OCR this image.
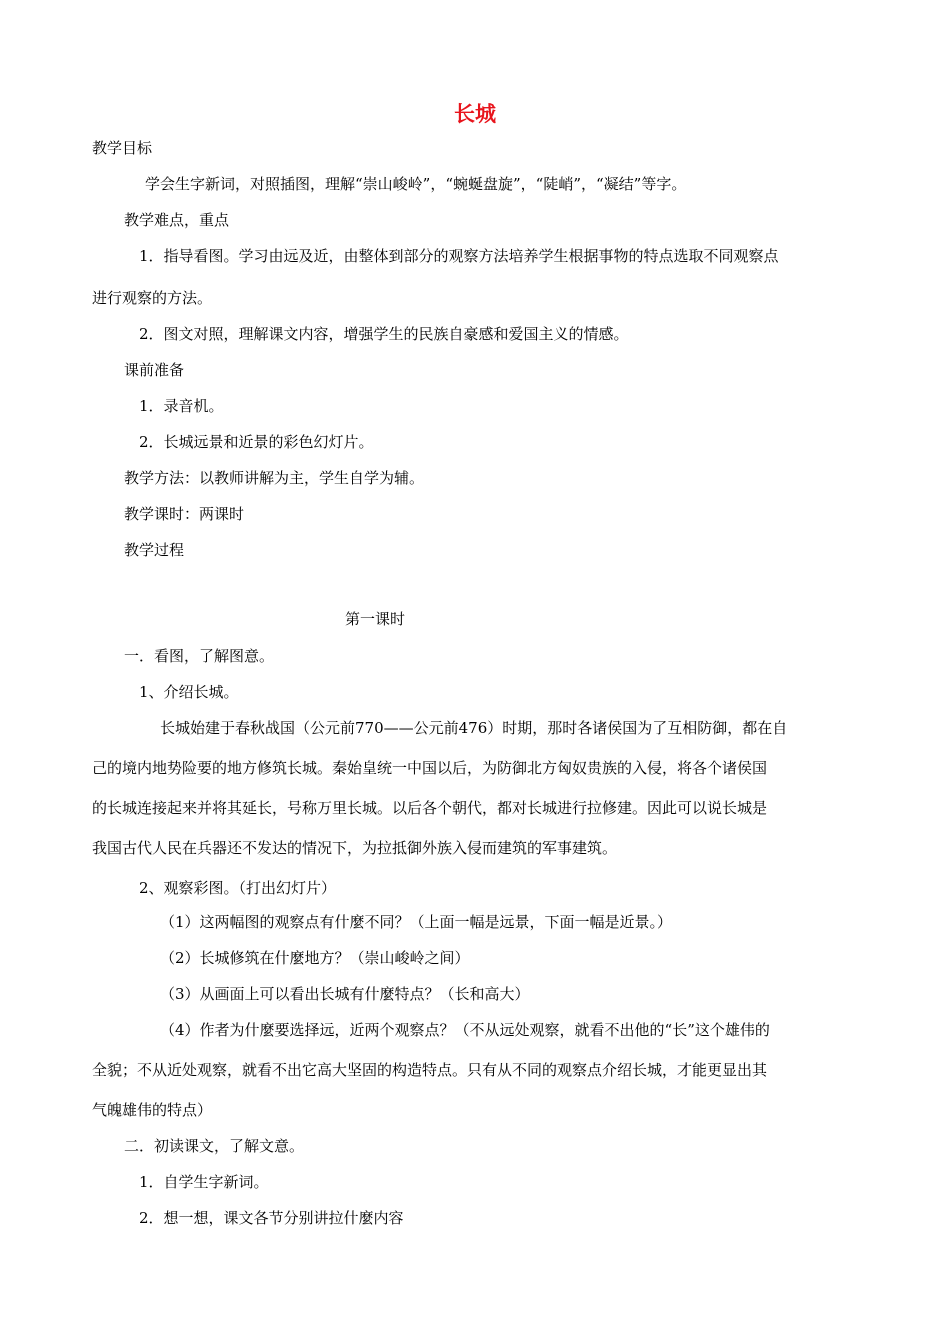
长城
教学目标
学会生字新词，对照插图，理解“崇山峻岭”，“蜿蜒盘旋”，“陡峭”，“凝结”等字。
教学难点，重点
1．指导看图。学习由远及近，由整体到部分的观察方法培养学生根据事物的特点选取不同观察点
进行观察的方法。
2．图文对照，理解课文内容，增强学生的民族自豪感和爱国主义的情感。
课前准备
1．录音机。
2．长城远景和近景的彩色幻灯片。
教学方法：以教师讲解为主，学生自学为辅。
教学课时：两课时
教学过程
第一课时
一．看图，了解图意。
1、介绍长城。
长城始建于春秋战国（公元前770——公元前476）时期，那时各诸侯国为了互相防御，都在自
己的境内地势险要的地方修筑长城。秦始皇统一中国以后，为防御北方匈奴贵族的入侵，将各个诸侯国
的长城连接起来并将其延长，号称万里长城。以后各个朝代，都对长城进行拉修建。因此可以说长城是
我国古代人民在兵器还不发达的情况下，为拉抵御外族入侵而建筑的军事建筑。
2、观察彩图。（打出幻灯片）
（1）这两幅图的观察点有什麼不同？（上面一幅是远景，下面一幅是近景。）
（2）长城修筑在什麼地方？（崇山峻岭之间）
（3）从画面上可以看出长城有什麼特点？（长和高大）
（4）作者为什麼要选择远，近两个观察点？（不从远处观察，就看不出他的“长”这个雄伟的
全貌；不从近处观察，就看不出它高大坚固的构造特点。只有从不同的观察点介绍长城，才能更显出其
气魄雄伟的特点）
二．初读课文，了解文意。
1．自学生字新词。
2．想一想，课文各节分别讲拉什麼内容
